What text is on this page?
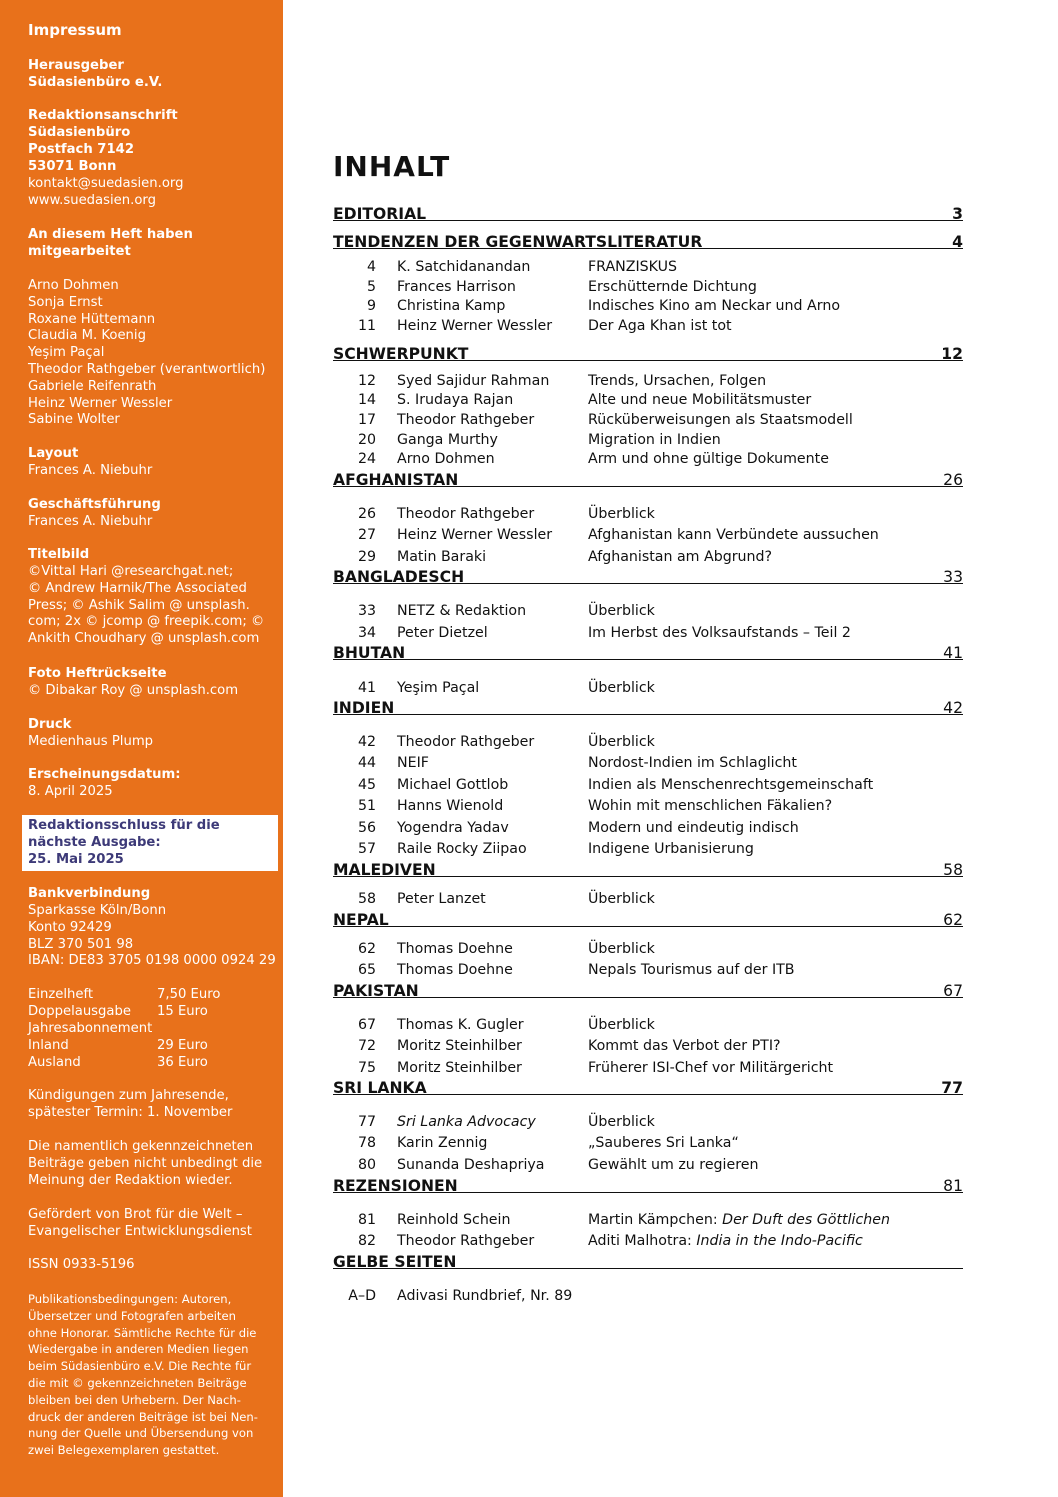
Impressum
Herausgeber
Südasienbüro e.V.
Redaktionsanschrift
Südasienbüro
Postfach 7142
53071 Bonn
kontakt@suedasien.org
www.suedasien.org
An diesem Heft haben
mitgearbeitet
Arno Dohmen
Sonja Ernst
Roxane Hüttemann
Claudia M. Koenig
Yeşim Paçal
Theodor Rathgeber (verantwortlich)
Gabriele Reifenrath
Heinz Werner Wessler
Sabine Wolter
Layout
Frances A. Niebuhr
Geschäftsführung
Frances A. Niebuhr
Titelbild
©Vittal Hari @researchgat.net;
© Andrew Harnik/The Associated
Press; © Ashik Salim @ unsplash.
com; 2x © jcomp @ freepik.com; ©
Ankith Choudhary @ unsplash.com
Foto Heftrückseite
© Dibakar Roy @ unsplash.com
Druck
Medienhaus Plump
Erscheinungsdatum:
8. April 2025
Redaktionsschluss für die
nächste Ausgabe:
25. Mai 2025
Bankverbindung
Sparkasse Köln/Bonn
Konto 92429
BLZ 370 501 98
IBAN: DE83 3705 0198 0000 0924 29
Einzelheft	7,50 Euro
Doppelausgabe 15 Euro
Jahresabonnement
Inland	29 Euro
Ausland	36 Euro
Kündigungen zum Jahresende,
spätester Termin: 1. November
Die namentlich gekennzeichneten
Beiträge geben nicht unbedingt die
Meinung der Redaktion wieder.
Gefördert von Brot für die Welt –
Evangelischer Entwicklungsdienst
ISSN 0933-5196
Publikationsbedingungen: Autoren,
Übersetzer und Fotografen arbeiten
ohne Honorar. Sämtliche Rechte für die
Wiedergabe in anderen Medien liegen
beim Südasienbüro e.V. Die Rechte für
die mit © gekennzeichneten Beiträge
bleiben bei den Urhebern. Der Nach-
druck der anderen Beiträge ist bei Nen-
nung der Quelle und Übersendung von
zwei Belegexemplaren gestattet.
INHALT
EDITORIAL	3
TENDENZEN DER GEGENWARTSLITERATUR	4
4 K. Satchidanandan	FRANZISKUS
5 Frances Harrison	Erschütternde Dichtung
9 Christina Kamp	Indisches Kino am Neckar und Arno
11 Heinz Werner Wessler	Der Aga Khan ist tot
SCHWERPUNKT	12
12 Syed Sajidur Rahman	Trends, Ursachen, Folgen
14 S. Irudaya Rajan	Alte und neue Mobilitätsmuster
17 Theodor Rathgeber	Rücküberweisungen als Staatsmodell
20 Ganga Murthy	Migration in Indien
24 Arno Dohmen	Arm und ohne gültige Dokumente
AFGHANISTAN	26
26 Theodor Rathgeber	Überblick
27 Heinz Werner Wessler	Afghanistan kann Verbündete aussuchen
29 Matin Baraki	Afghanistan am Abgrund?
BANGLADESCH	33
33 NETZ & Redaktion	Überblick
34 Peter Dietzel	Im Herbst des Volksaufstands – Teil 2
BHUTAN	41
41 Yeşim Paçal	Überblick
INDIEN	42
42 Theodor Rathgeber	Überblick
44 NEIF	Nordost-Indien im Schlaglicht
45 Michael Gottlob	Indien als Menschenrechtsgemeinschaft
51 Hanns Wienold	Wohin mit menschlichen Fäkalien?
56 Yogendra Yadav	Modern und eindeutig indisch
57 Raile Rocky Ziipao	Indigene Urbanisierung
MALEDIVEN	58
58 Peter Lanzet	Überblick
NEPAL	62
62 Thomas Doehne	Überblick
65 Thomas Doehne	Nepals Tourismus auf der ITB
PAKISTAN	67
67 Thomas K. Gugler	Überblick
72 Moritz Steinhilber	Kommt das Verbot der PTI?
75 Moritz Steinhilber	Früherer ISI-Chef vor Militärgericht
SRI LANKA	77
77 Sri Lanka Advocacy	Überblick
78 Karin Zennig	„Sauberes Sri Lanka“
80 Sunanda Deshapriya	Gewählt um zu regieren
REZENSIONEN	81
81 Reinhold Schein	Martin Kämpchen: Der Duft des Göttlichen
82 Theodor Rathgeber	Aditi Malhotra: India in the Indo-Pacific
GELBE SEITEN
A–D Adivasi Rundbrief, Nr. 89
